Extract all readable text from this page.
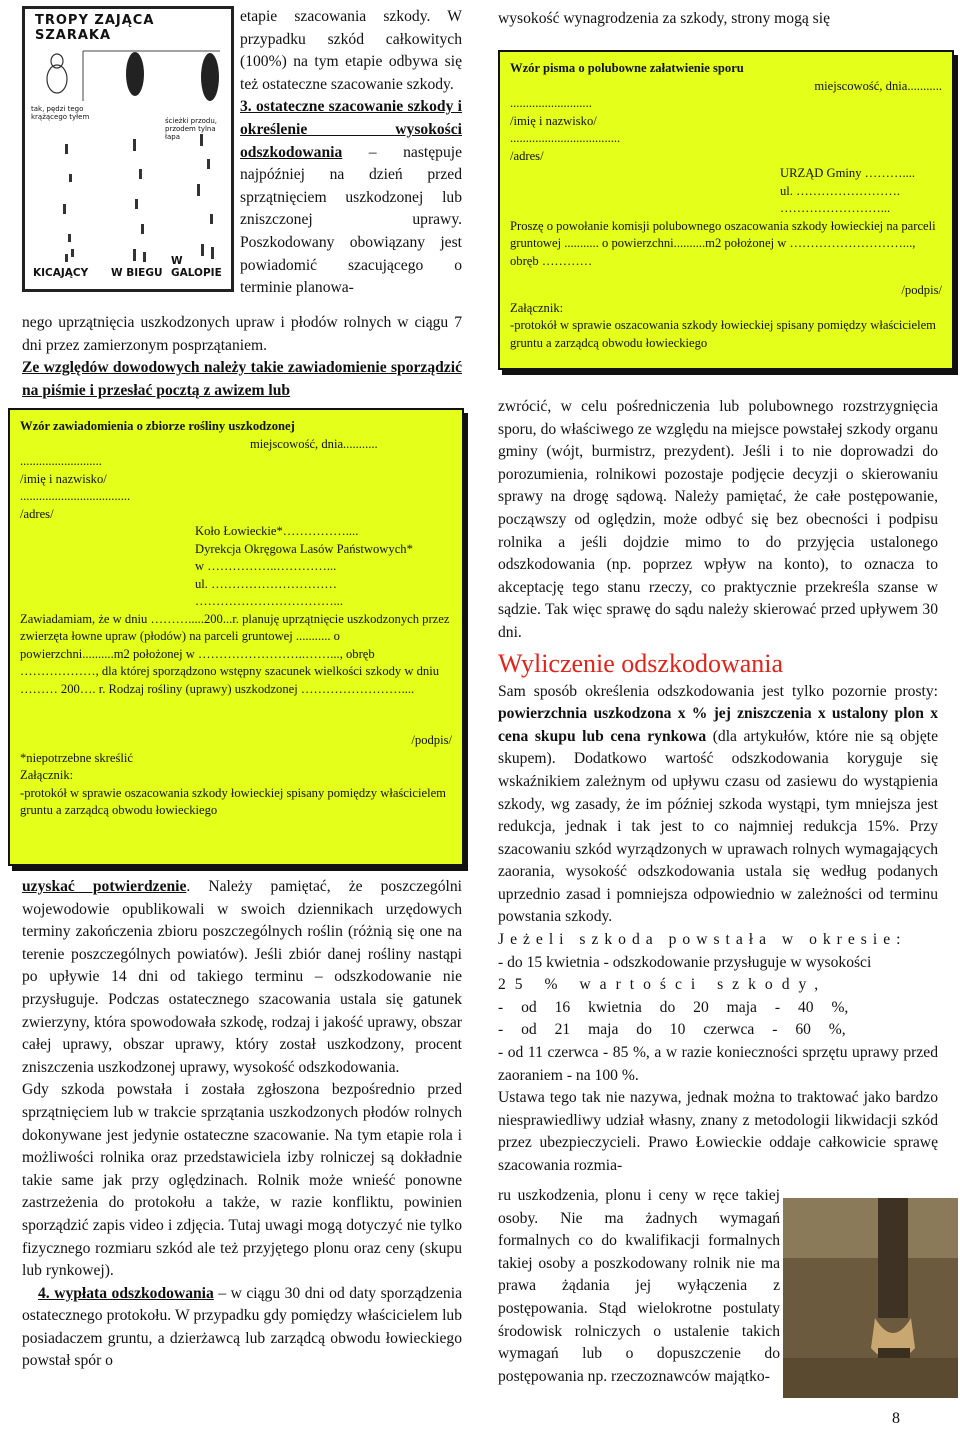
TROPY ZAJĄCA SZARAKA
tak, pędzi tego krążącego tyłem	ścieżki przodu, przodem tylna łapa
KICAJĄCY W BIEGU
W GALOPIE

etapie szacowania szkody. W przypadku szkód całkowitych (100%) na tym etapie odbywa się też ostateczne szacowanie szkody.

3. ostateczne szacowanie szkody i określenie wysokości odszkodowania – następuje najpóźniej na dzień przed sprzątnięciem uszkodzonej lub zniszczonej uprawy. Poszkodowany obowiązany jest powiadomić szacującego o terminie planowa-

nego uprzątnięcia uszkodzonych upraw i płodów rolnych w ciągu 7 dni przez zamierzonym posprzątaniem.

Ze względów dowodowych należy takie zawiadomienie sporządzić na piśmie i przesłać pocztą z awizem lub

Wzór zawiadomienia o zbiorze rośliny uszkodzonej
miejscowość, dnia...........
..........................
/imię i nazwisko/
...................................
/adres/
Koło Łowieckie*……………....
Dyrekcja Okręgowa Lasów Państwowych*
w ……………..…………...
ul. …………………………
……………………………...
Zawiadamiam, że w dniu ……….....200...r. planuję uprzątnięcie uszkodzonych przez zwierzęta łowne upraw (płodów) na parceli gruntowej ........... o powierzchni..........m2 położonej w ……………………..……..., obręb ………………, dla której sporządzono wstępny szacunek wielkości szkody w dniu ……… 200…. r. Rodzaj rośliny (uprawy) uszkodzonej ……………………....
/podpis/
*niepotrzebne skreślić
Załącznik:
-protokół w sprawie oszacowania szkody łowieckiej spisany pomiędzy właścicielem gruntu a zarządcą obwodu łowieckiego

uzyskać potwierdzenie. Należy pamiętać, że poszczególni wojewodowie opublikowali w swoich dziennikach urzędowych terminy zakończenia zbioru poszczególnych roślin (różnią się one na terenie poszczególnych powiatów). Jeśli zbiór danej rośliny nastąpi po upływie 14 dni od takiego terminu – odszkodowanie nie przysługuje. Podczas ostatecznego szacowania ustala się gatunek zwierzyny, która spowodowała szkodę, rodzaj i jakość uprawy, obszar całej uprawy, obszar uprawy, który został uszkodzony, procent zniszczenia uszkodzonej uprawy, wysokość odszkodowania.

Gdy szkoda powstała i została zgłoszona bezpośrednio przed sprzątnięciem lub w trakcie sprzątania uszkodzonych płodów rolnych dokonywane jest jedynie ostateczne szacowanie. Na tym etapie rola i możliwości rolnika oraz przedstawiciela izby rolniczej są dokładnie takie same jak przy oględzinach. Rolnik może wnieść ponowne zastrzeżenia do protokołu a także, w razie konfliktu, powinien sporządzić zapis video i zdjęcia. Tutaj uwagi mogą dotyczyć nie tylko fizycznego rozmiaru szkód ale też przyjętego plonu oraz ceny (skupu lub rynkowej).

4. wypłata odszkodowania – w ciągu 30 dni od daty sporządzenia ostatecznego protokołu. W przypadku gdy pomiędzy właścicielem lub posiadaczem gruntu, a dzierżawcą lub zarządcą obwodu łowieckiego powstał spór o

wysokość wynagrodzenia za szkody, strony mogą się

Wzór pisma o polubowne załatwienie sporu
miejscowość, dnia...........
..........................
/imię i nazwisko/
...................................
/adres/
URZĄD Gminy ………....
ul. …………………….
……………………...
Proszę o powołanie komisji polubownego oszacowania szkody łowieckiej na parceli gruntowej ........... o powierzchni..........m2 położonej w ………………………..., obręb …………
/podpis/
Załącznik:
-protokół w sprawie oszacowania szkody łowieckiej spisany pomiędzy właścicielem gruntu a zarządcą obwodu łowieckiego

zwrócić, w celu pośredniczenia lub polubownego rozstrzygnięcia sporu, do właściwego ze względu na miejsce powstałej szkody organu gminy (wójt, burmistrz, prezydent). Jeśli i to nie doprowadzi do porozumienia, rolnikowi pozostaje podjęcie decyzji o skierowaniu sprawy na drogę sądową. Należy pamiętać, że całe postępowanie, począwszy od oględzin, może odbyć się bez obecności i podpisu rolnika a jeśli dojdzie mimo to do przyjęcia ustalonego odszkodowania (np. poprzez wpływ na konto), to oznacza to akceptację tego stanu rzeczy, co praktycznie przekreśla szanse w sądzie. Tak więc sprawę do sądu należy skierować przed upływem 30 dni.

Wyliczenie odszkodowania

Sam sposób określenia odszkodowania jest tylko pozornie prosty: powierzchnia uszkodzona x % jej zniszczenia x ustalony plon x cena skupu lub cena rynkowa (dla artykułów, które nie są objęte skupem). Dodatkowo wartość odszkodowania koryguje się wskaźnikiem zależnym od upływu czasu od zasiewu do wystąpienia szkody, wg zasady, że im później szkoda wystąpi, tym mniejsza jest redukcja, jednak i tak jest to co najmniej redukcja 15%. Przy szacowaniu szkód wyrządzonych w uprawach rolnych wymagających zaorania, wysokość odszkodowania ustala się według podanych uprzednio zasad i pomniejsza odpowiednio w zależności od terminu powstania szkody.

Jeżeli szkoda powstała w okresie:

- do 15 kwietnia - odszkodowanie przysługuje w wysokości

25 % wartości szkody,

- od 16 kwietnia do 20 maja - 40 %,

- od 21 maja do 10 czerwca - 60 %,

- od 11 czerwca - 85 %, a w razie konieczności sprzętu uprawy przed zaoraniem - na 100 %.

Ustawa tego tak nie nazywa, jednak można to traktować jako bardzo niesprawiedliwy udział własny, znany z metodologii likwidacji szkód przez ubezpieczycieli. Prawo Łowieckie oddaje całkowicie sprawę szacowania rozmia-

ru uszkodzenia, plonu i ceny w ręce takiej osoby. Nie ma żadnych wymagań formalnych co do kwalifikacji formalnych takiej osoby a poszkodowany rolnik nie ma prawa żądania jej wyłączenia z postępowania. Stąd wielokrotne postulaty środowisk rolniczych o ustalenie takich wymagań lub o dopuszczenie do postępowania np. rzeczoznawców majątko-

8
